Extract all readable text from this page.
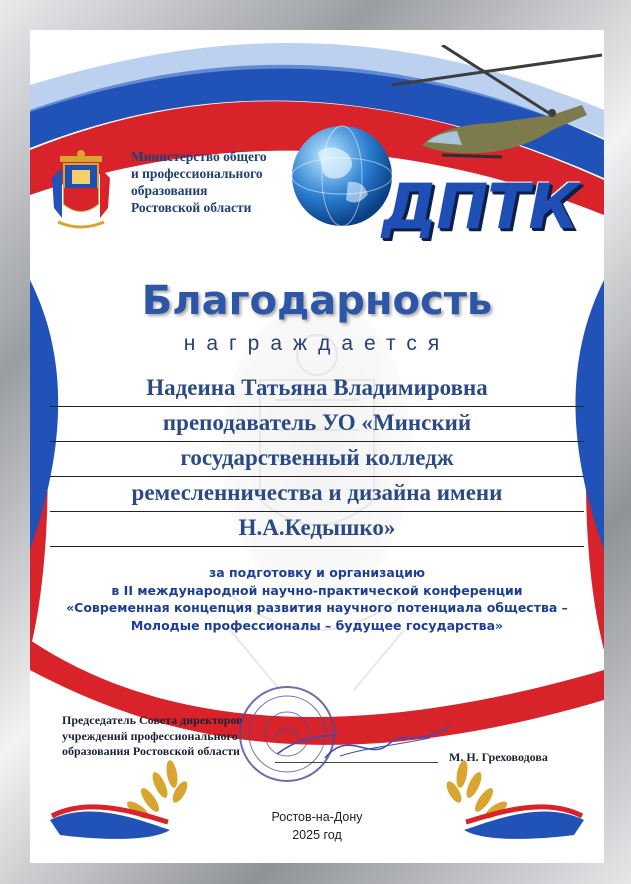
Министерство общего
и профессионального
образования
Ростовской области	ДПТК
Благодарность
награждается
Надеина Татьяна Владимировна
преподаватель УО «Минский
государственный колледж
ремесленничества и дизайна имени
Н.А.Кедышко»
за подготовку и организацию
в II международной научно-практической конференции
«Современная концепция развития научного потенциала общества –
Молодые профессионалы – будущее государства»
Председатель Совета директоров
учреждений профессионального
образования Ростовской области	М. Н. Греховодова
Ростов-на-Дону
2025 год
